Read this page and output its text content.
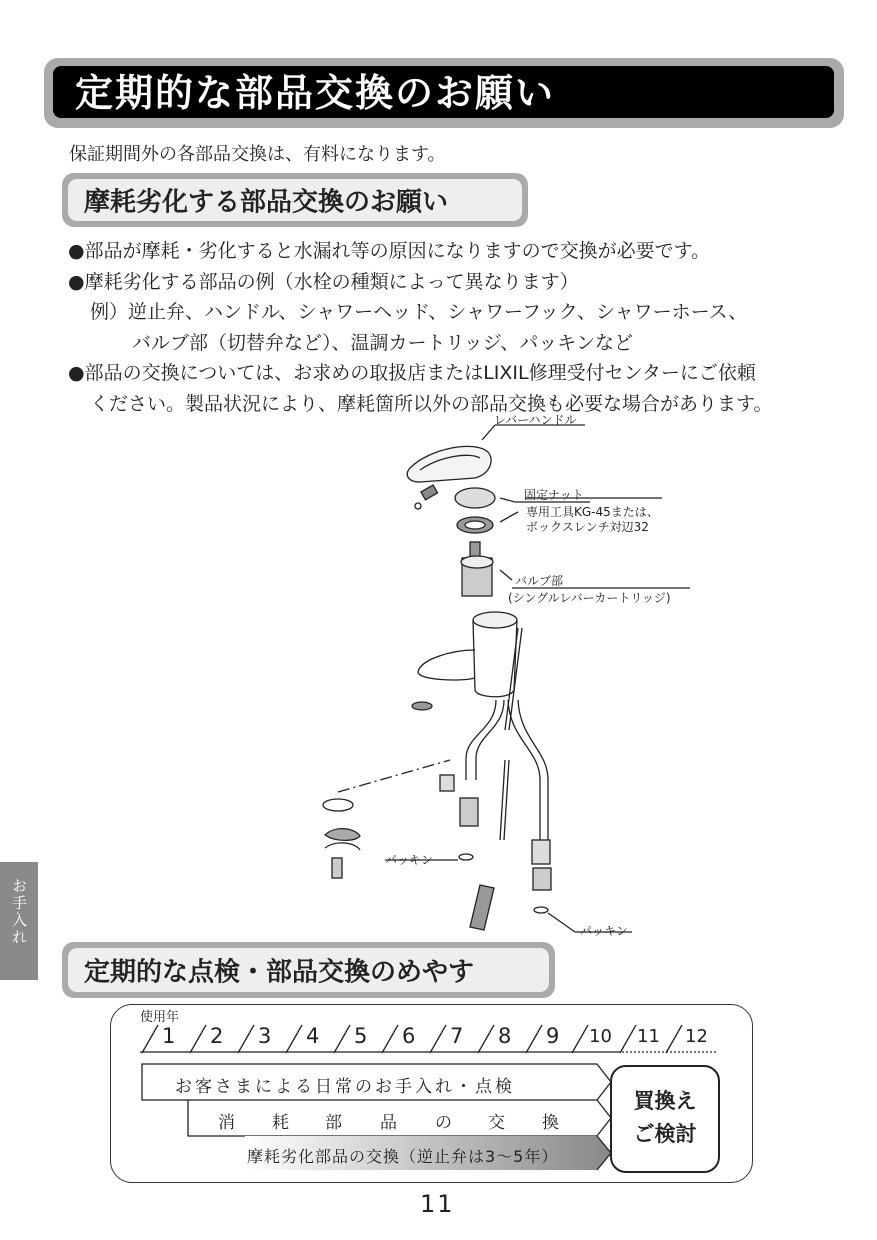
定期的な部品交換のお願い
保証期間外の各部品交換は、有料になります。
摩耗劣化する部品交換のお願い
●部品が摩耗・劣化すると水漏れ等の原因になりますので交換が必要です。
●摩耗劣化する部品の例（水栓の種類によって異なります）
例）逆止弁、ハンドル、シャワーヘッド、シャワーフック、シャワーホース、
バルブ部（切替弁など）、温調カートリッジ、パッキンなど
●部品の交換については、お求めの取扱店またはLIXIL修理受付センターにご依頼
ください。製品状況により、摩耗箇所以外の部品交換も必要な場合があります。
レバーハンドル
固定ナット
専用工具KG-45または、
ボックスレンチ対辺32
バルブ部
(シングルレバーカートリッジ)
パッキン
パッキン
お手入れ
定期的な点検・部品交換のめやす
使用年
1 2 3 4 5 6 7 8 9 10 11 12
お客さまによる日常のお手入れ・点検
消 耗 部 品 の 交 換
摩耗劣化部品の交換（逆止弁は3〜5年）
買換え
ご検討
11
